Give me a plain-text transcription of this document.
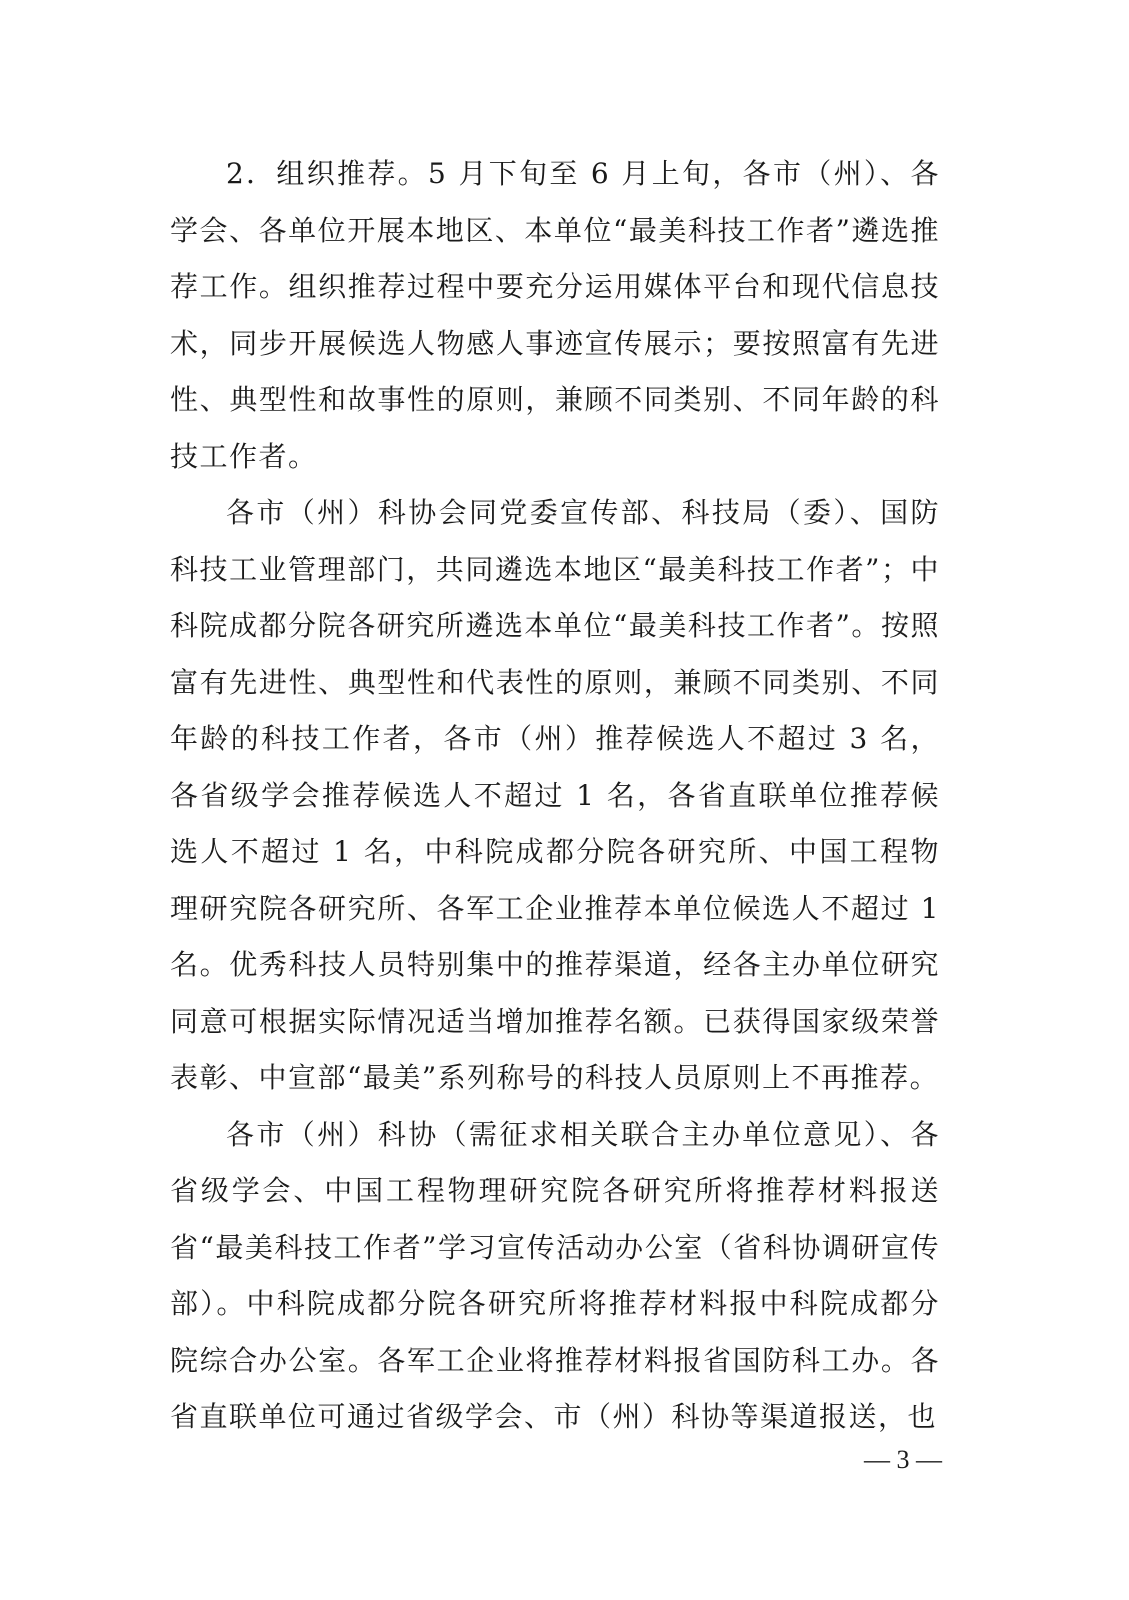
2．组织推荐。5 月下旬至 6 月上旬，各市（州）、各学会、各单位开展本地区、本单位“最美科技工作者”遴选推荐工作。组织推荐过程中要充分运用媒体平台和现代信息技术，同步开展候选人物感人事迹宣传展示；要按照富有先进性、典型性和故事性的原则，兼顾不同类别、不同年龄的科技工作者。

各市（州）科协会同党委宣传部、科技局（委）、国防科技工业管理部门，共同遴选本地区“最美科技工作者”；中科院成都分院各研究所遴选本单位“最美科技工作者”。按照富有先进性、典型性和代表性的原则，兼顾不同类别、不同年龄的科技工作者，各市（州）推荐候选人不超过 3 名，各省级学会推荐候选人不超过 1 名，各省直联单位推荐候选人不超过 1 名，中科院成都分院各研究所、中国工程物理研究院各研究所、各军工企业推荐本单位候选人不超过 1 名。优秀科技人员特别集中的推荐渠道，经各主办单位研究同意可根据实际情况适当增加推荐名额。已获得国家级荣誉表彰、中宣部“最美”系列称号的科技人员原则上不再推荐。

各市（州）科协（需征求相关联合主办单位意见）、各省级学会、中国工程物理研究院各研究所将推荐材料报送省“最美科技工作者”学习宣传活动办公室（省科协调研宣传部）。中科院成都分院各研究所将推荐材料报中科院成都分院综合办公室。各军工企业将推荐材料报省国防科工办。各省直联单位可通过省级学会、市（州）科协等渠道报送，也

— 3 —
